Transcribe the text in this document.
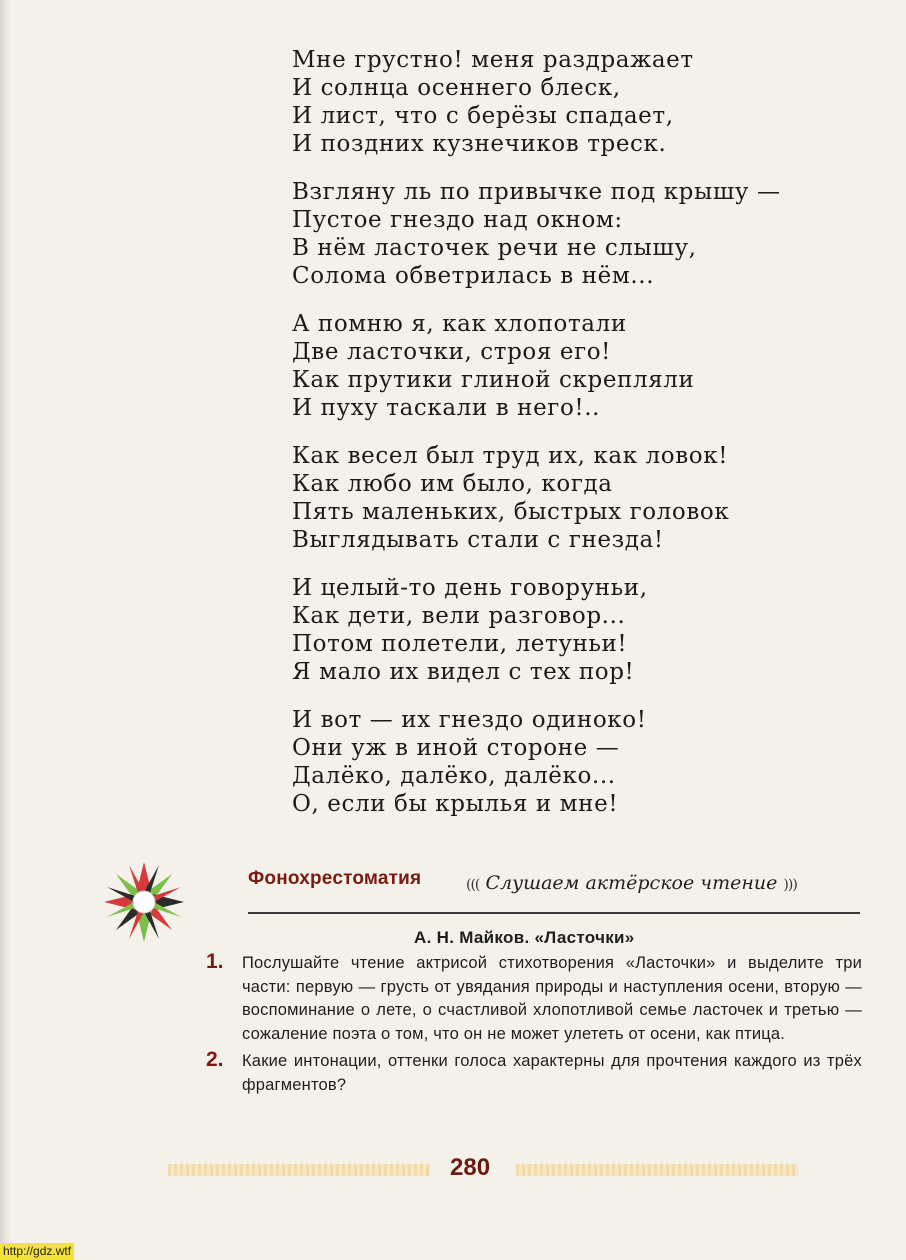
Мне грустно! меня раздражает
И солнца осеннего блеск,
И лист, что с берёзы спадает,
И поздних кузнечиков треск.
Взгляну ль по привычке под крышу —
Пустое гнездо над окном:
В нём ласточек речи не слышу,
Солома обветрилась в нём...
А помню я, как хлопотали
Две ласточки, строя его!
Как прутики глиной скрепляли
И пуху таскали в него!..
Как весел был труд их, как ловок!
Как любо им было, когда
Пять маленьких, быстрых головок
Выглядывать стали с гнезда!
И целый-то день говоруньи,
Как дети, вели разговор...
Потом полетели, летуньи!
Я мало их видел с тех пор!
И вот — их гнездо одиноко!
Они уж в иной стороне —
Далёко, далёко, далёко...
О, если бы крылья и мне!
Фонохрестоматия	((( Слушаем актёрское чтение )))
А. Н. Майков. «Ласточки»
1. Послушайте чтение актрисой стихотворения «Ласточки» и выделите три части: первую — грусть от увядания природы и наступления осени, вторую — воспоминание о лете, о счастливой хлопотливой семье ласточек и третью — сожаление поэта о том, что он не может улететь от осени, как птица.
2. Какие интонации, оттенки голоса характерны для прочтения каждого из трёх фрагментов?
280
http://gdz.wtf
